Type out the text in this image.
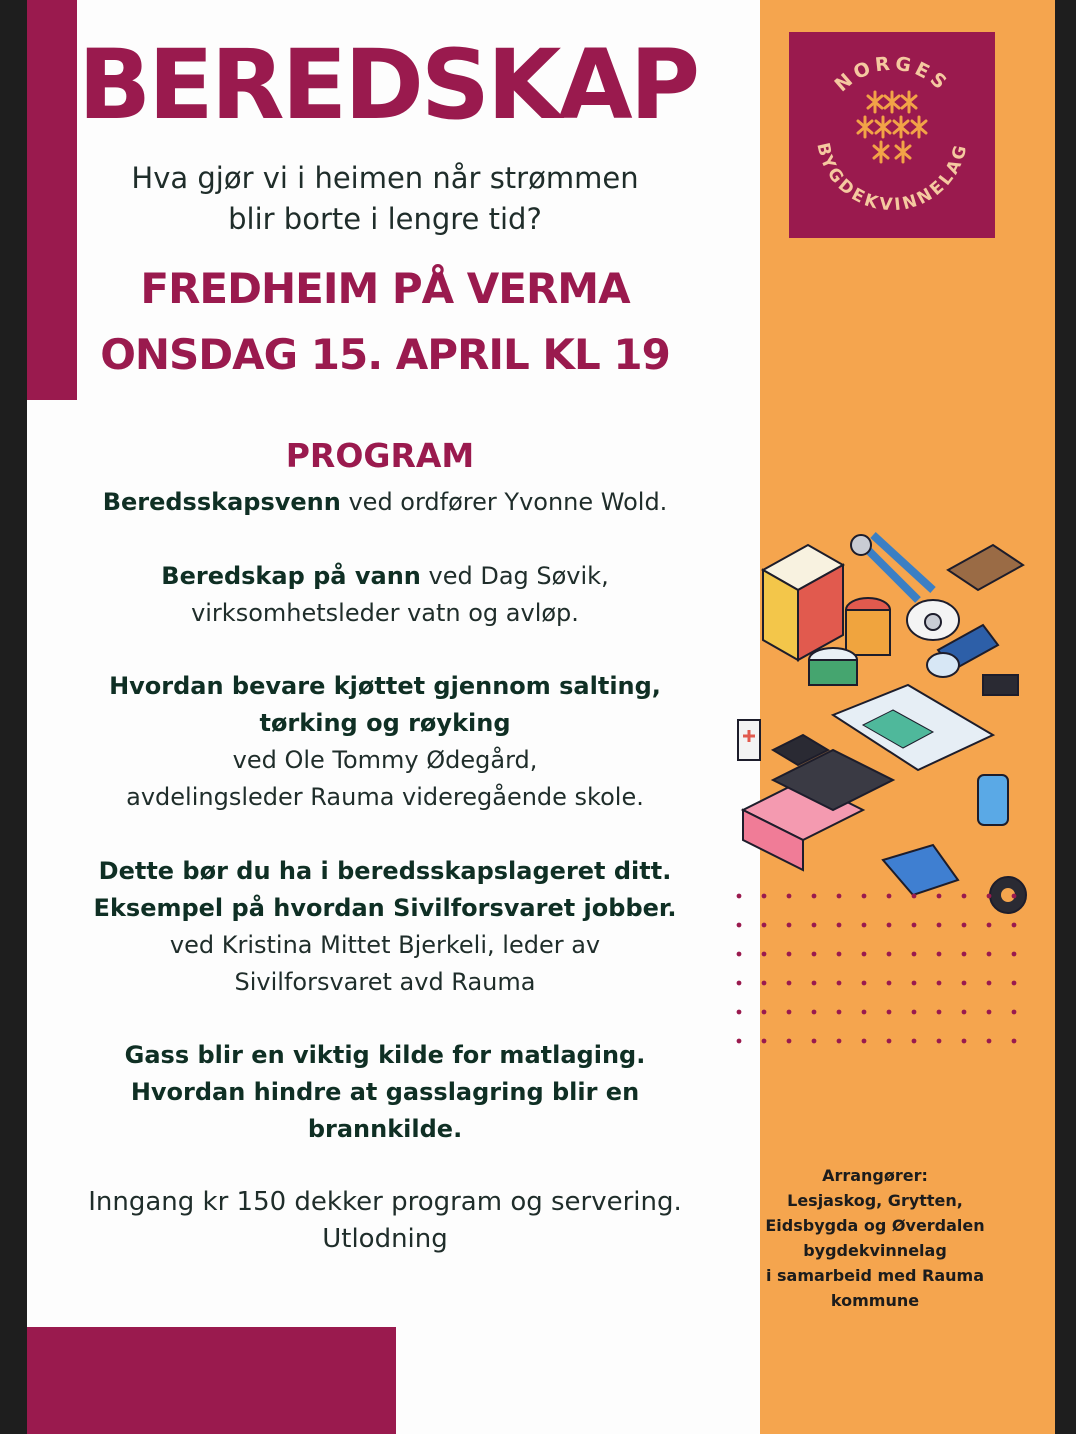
BEREDSKAP
Hva gjør vi i heimen når strømmen
blir borte i lengre tid?
FREDHEIM PÅ VERMA
ONSDAG 15. APRIL KL 19
PROGRAM
Beredsskapsvenn ved ordfører Yvonne Wold.
Beredskap på vann ved Dag Søvik,
virksomhetsleder vatn og avløp.
Hvordan bevare kjøttet gjennom salting,
tørking og røyking
ved Ole Tommy Ødegård,
avdelingsleder Rauma videregående skole.
Dette bør du ha i beredsskapslageret ditt.
Eksempel på hvordan Sivilforsvaret jobber.
ved Kristina Mittet Bjerkeli, leder av
Sivilforsvaret avd Rauma
Gass blir en viktig kilde for matlaging.
Hvordan hindre at gasslagring blir en
brannkilde.
Inngang kr 150 dekker program og servering.
Utlodning
NORGES
BYGDEKVINNELAG
Arrangører:
Lesjaskog, Grytten,
Eidsbygda og Øverdalen
bygdekvinnelag
i samarbeid med Rauma
kommune
